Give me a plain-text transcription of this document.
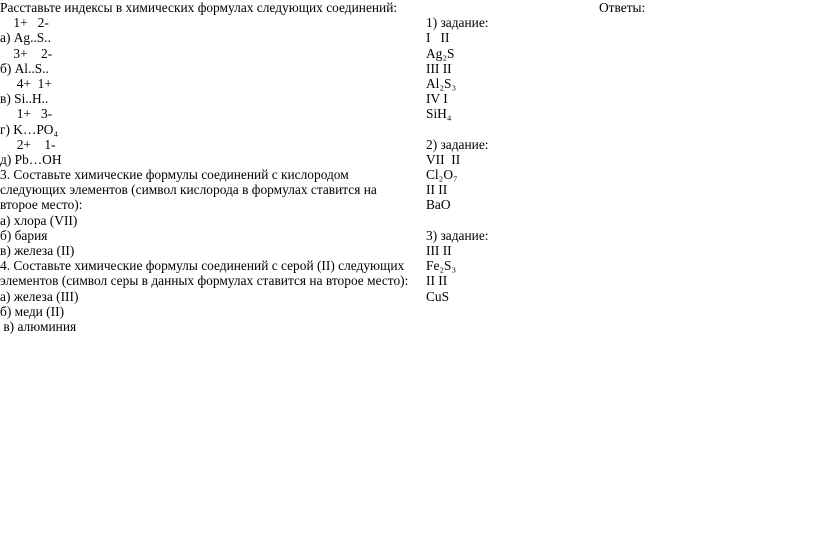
Расставьте индексы в химических формулах следующих соединений:
1+   2-
а) Ag..S..
3+    2-
б) Al..S..
4+  1+
в) Si..H..
1+   3-
г) K…PO₄
2+    1-
д) Pb…OH
3. Составьте химические формулы соединений с кислородом
следующих элементов (символ кислорода в формулах ставится на
второе место):
а) хлора (VII)
б) бария
в) железа (II)
4. Составьте химические формулы соединений с серой (II) следующих
элементов (символ серы в данных формулах ставится на второе место):
а) железа (III)
б) меди (II)
в) алюминия
Ответы:
1) задание:
I   II
Ag₂S
III II
Al₂S₃
IV I
SiH₄
2) задание:
VII  II
Cl₂O₇
II II
BaO
3) задание:
III II
Fe₂S₃
II II
CuS
